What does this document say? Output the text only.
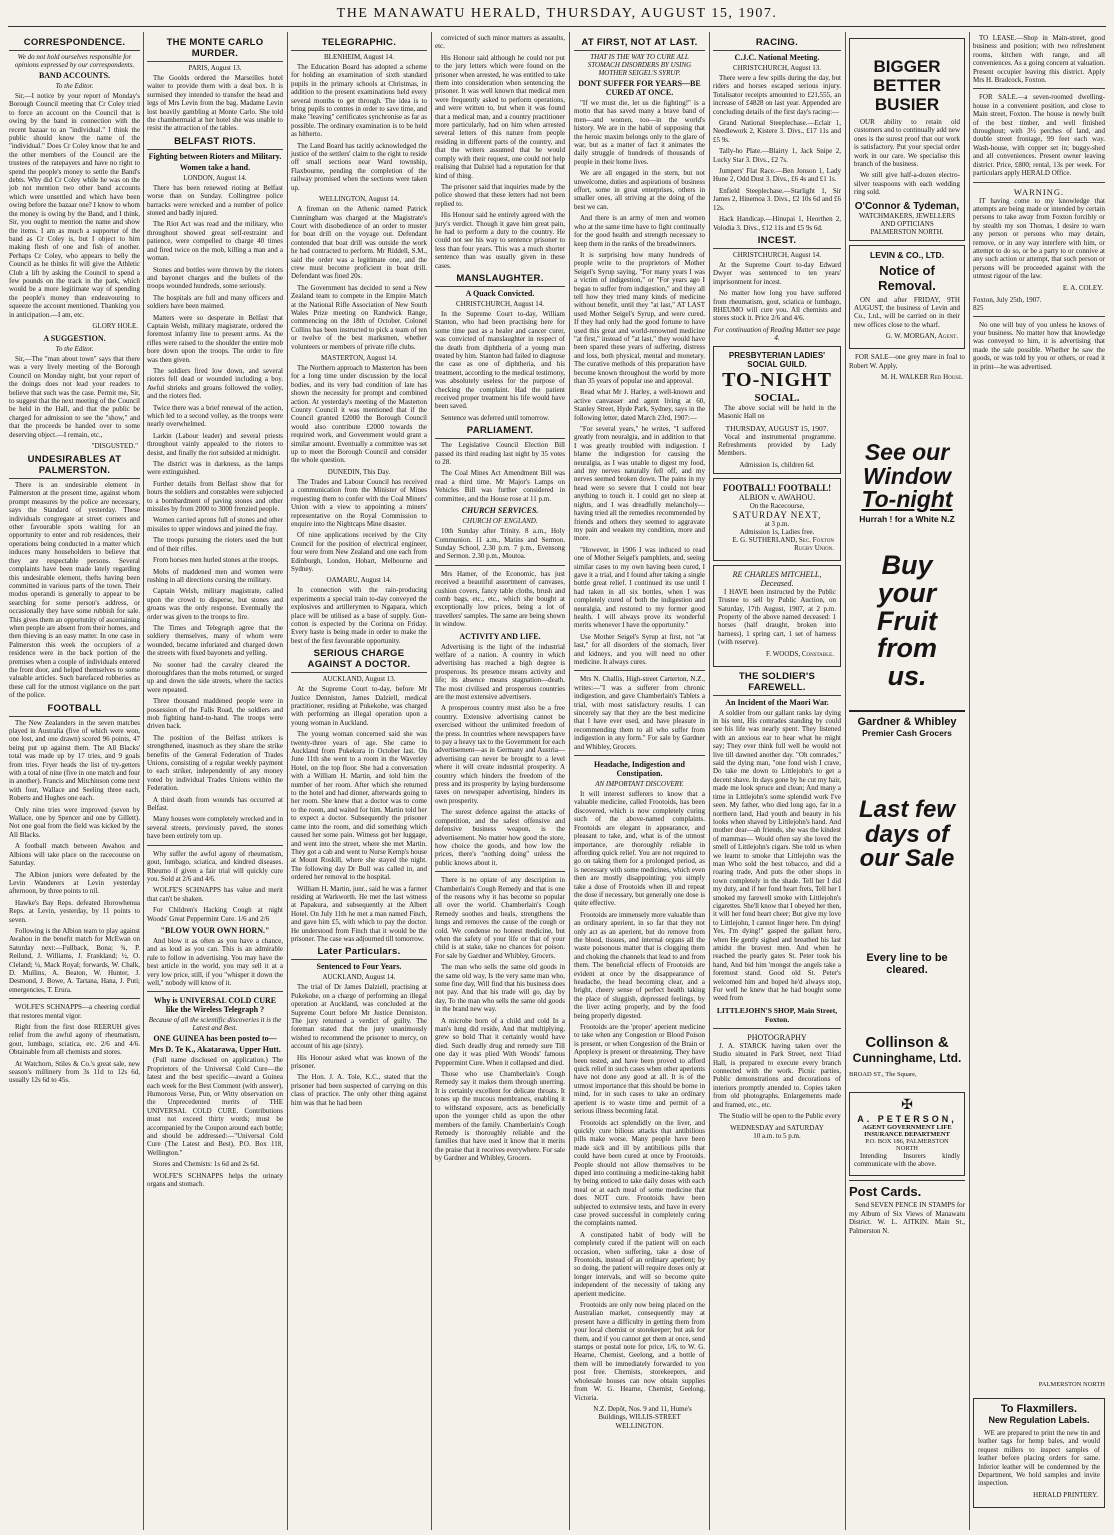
THE MANAWATU HERALD, THURSDAY, AUGUST 15, 1907.
CORRESPONDENCE.
We do not hold ourselves responsible for opinions expressed by our correspondents.
BAND ACCOUNTS.
To the Editor.

Sir,—I notice by your report of Monday's Borough Council meeting that Cr Coley tried to force an account on the Council that is owing by the band in connection with the recent bazaar to an "individual." I think the public should know the name of the "individual." Does Cr Coley know that he and the other members of the Council are the trustees of the ratepayers and have no right to spend the people's money to settle the Band's debts. Why did Cr Coley while he was on the job not mention two other band accounts which were unsettled and which have been owing before the bazaar one? I know to whom the money is owing by the Band, and I think, Sir, you ought to mention the name and show the items. I am as much a supporter of the band as Cr Coley is, but I object to him making flesh of one and fish of another. Perhaps Cr Coley, who appears to belly the Council as he thinks fit will give the Athletic Club a lift by asking the Council to spend a few pounds on the track in the park, which would be a more legitimate way of spending the people's money than endeavouring to squeeze the account mentioned. Thanking you in anticipation.—I am, etc.

GLORY HOLE.
A SUGGESTION.
To the Editor.

Sir,—The "man about town" says that there was a very lively meeting of the Borough Council on Monday night, but your report of the doings does not lead your readers to believe that such was the case. Permit me, Sir, to suggest that the next meeting of the Council be held in the Hall, and that the public be charged for admission to see the "show," and that the proceeds be handed over to some deserving object.—I remain, etc.,

"DISGUSTED."
UNDESIRABLES AT PALMERSTON.

There is an undesirable element in Palmerston at the present time, against whom prompt measures by the police are necessary, says the Standard of yesterday. These individuals congregate at street corners and other favourable spots waiting for an opportunity to enter and rob residences, their operations being conducted in a matter which induces many householders to believe that they are respectable persons. Several complaints have been made lately regarding this undesirable element, thefts having been committed in various parts of the town. Their modus operandi is generally to appear to be searching for some person's address, or occasionally they have some rubbish for sale. This gives them an opportunity of ascertaining when people are absent from their homes, and then thieving is an easy matter. In one case in Palmerston this week the occupiers of a residence were in the back portion of the premises when a couple of individuals entered the front door, and helped themselves to some valuable articles. Such barefaced robberies as these call for the utmost vigilance on the part of the police.

FOOTBALL

The New Zealanders in the seven matches played in Australia (five of which were won, one lost, and one drawn) scored 96 points, 47 being put up against them. The All Blacks' total was made up by 17 tries, and 9 goals from tries. Fryer heads the list of try-getters with a total of nine (five in one match and four in another). Francis and Mitchinson come next with four, Wallace and Seeling three each, Roberts and Hughes one each.

Only nine tries were improved (seven by Wallace, one by Spencer and one by Gillett). Not one goal from the field was kicked by the All Blacks.

A football match between Awahou and Albions will take place on the racecourse on Saturday.

The Albion juniors were defeated by the Levin Wanderers at Levin yesterday afternoon, by three points to nil.

Hawke's Bay Reps. defeated Horowhenua Reps. at Levin, yesterday, by 11 points to seven.

Following is the Albion team to play against Awahou in the benefit match for McEwan on Saturday next:—Fullback, Bona; ¾, P. Reilund, J. Williams, J. Frankland; ½, O. Cleland; ¼, Mack Royal; forwards, W. Chalk, D. Mullins, A. Beaton, W. Hunter, J. Desmond, J. Bowe, A. Tartana, Hana, J. Puti; emergencies, T. Erura.

WOLFE'S SCHNAPPS—a cheering cordial that restores mental vigor.

Right from the first dose REERUH gives relief from the awful agony of rheumatism, gout, lumbago, sciatica, etc. 2/6 and 4/6. Obtainable from all chemists and stores.

At Watchorn, Stiles & Co.'s great sale, new season's millinery from 3s 11d to 12s 6d, usually 12s 6d to 45s.

THE MONTE CARLO MURDER.
PARIS, August 13.

The Goolds ordered the Marseilles hotel waiter to provide them with a deal box. It is surmised they intended to transfer the head and legs of Mrs Levin from the bag. Madame Levin lost heavily gambling at Monte Carlo. She told the chambermaid at her hotel she was unable to resist the attraction of the tables.

BELFAST RIOTS.
Fighting between Rioters and Military.
Women take a hand.
LONDON, August 14.

There has been renewed rioting at Belfast worse than on Sunday. Collingtree police barracks were wrecked and a number of police stoned and badly injured.

The Riot Act was read and the military, who throughout showed great self-restraint and patience, were compelled to charge 40 times and fired twice on the mob, killing a man and a woman.

Stones and bottles were thrown by the rioters and bayonet charges and the bullets of the troops wounded hundreds, some seriously.

The hospitals are full and many officers and soldiers have been maimed.

Matters were so desperate in Belfast that Captain Welsh, military magistrate, ordered the foremost infantry line to present arms. As the rifles were raised to the shoulder the entire mob bore down upon the troops. The order to fire was then given.

The soldiers fired low down, and several rioters fell dead or wounded including a boy. Awful shrieks and groans followed the volley, and the rioters fled.

Twice there was a brief renewal of the action, which led to a second volley, as the troops were nearly overwhelmed.

Larkin (Labour leader) and several priests throughout vainly appealed to the rioters to desist, and finally the riot subsided at midnight.

The district was in darkness, as the lamps were extinguished.

Further details from Belfast show that for hours the soldiers and constables were subjected to a bombardment of paving stones and other missiles by from 2000 to 3000 frenzied people.

Women carried aprons full of stones and other missiles to upper windows and joined the fray.

The troops pursuing the rioters used the butt end of their rifles.

From horses men hurled stones at the troops.

Mobs of maddened men and women were rushing in all directions cursing the military.

Captain Welsh, military magistrate, called upon the crowd to disperse, but stones and groans was the only response. Eventually the order was given to the troops to fire.

The Times and Telegraph agree that the soldiery themselves, many of whom were wounded, became infuriated and charged down the streets with fixed bayonets and yelling.

No sooner had the cavalry cleared the thoroughfares than the mobs returned, or surged up and down the side streets, where the tactics were repeated.

Three thousand maddened people were in possession of the Falls Road, the soldiers and mob fighting hand-to-hand. The troops were driven back.

The position of the Belfast strikers is strengthened, inasmuch as they share the strike benefits of the General Federation of Trades Unions, consisting of a regular weekly payment to each striker, independently of any money voted by individual Trades Unions within the Federation.

A third death from wounds has occurred at Belfast.

Many houses were completely wrecked and in several streets, previously paved, the stones have been entirely torn up.

Why suffer the awful agony of rheumatism, gout, lumbago, sciatica, and kindred diseases. Rheumo if given a fair trial will quickly cure you. Sold at 2/6 and 4/6.

WOLFE'S SCHNAPPS has value and merit that can't be shaken.

For Children's Hacking Cough at night Woods' Great Peppermint Cure. 1/6 and 2/6

"BLOW YOUR OWN HORN."

And blow it as often as you have a chance, and as loud as you can. This is an admirable rule to follow in advertising. You may have the best article in the world, you may sell it at a very low price, still, if you "whisper it down the well," nobody will know of it.

Why is UNIVERSAL COLD CURE like the Wireless Telegraph ?
Because of all the scientific discoveries it is the Latest and Best.
ONE GUINEA has been posted to—
Mrs D. Te K., Akatarawa, Upper Hutt.

(Full name disclosed on application.) The Proprietors of the Universal Cold Cure—the latest and the best specific—award a Guinea each week for the Best Comment (with answer), Humorous Verse, Pun, or Witty observation on the Unprecedented merits of THE UNIVERSAL COLD CURE. Contributions must not exceed thirty words; must be accompanied by the Coupon around each bottle; and should be addressed:—"Universal Cold Cure (The Latest and Best), P.O. Box 118, Wellington."

Stores and Chemists: 1s 6d and 2s 6d.

WOLFE'S SCHNAPPS helps the urinary organs and stomach.

TELEGRAPHIC.
BLENHEIM, August 14.

The Education Board has adopted a scheme for holding an examination of sixth standard pupils in the primary schools at Christmas, in addition to the present examinations held every several months to get through. The idea is to bring pupils to centres in order to save time, and make "leaving" certificates synchronise as far as possible. The ordinary examination is to be held as hitherto.

The Land Board has tacitly acknowledged the justice of the settlers' claim to the right to reside off small sections near Ward township, Flaxbourne, pending the completion of the railway promised when the sections were taken up.

WELLINGTON, August 14.

A fireman on the Athenic named Patrick Cunningham was charged at the Magistrate's Court with disobedience of an order to muster for boat drill on the voyage out. Defendant contended that boat drill was outside the work he had contracted to perform. Mr Riddell, S.M., said the order was a legitimate one, and the crew must become proficient in boat drill. Defendant was fined 20s.

The Government has decided to send a New Zealand team to compete in the Empire Match at the National Rifle Association of New South Wales Prize meeting on Randwick Range, commencing on the 18th of October. Colonel Collins has been instructed to pick a team of ten or twelve of the best marksmen, whether volunteers or members of private rifle clubs.

MASTERTON, August 14.

The Northern approach to Masterton has been for a long time under discussion by the local bodies, and its very bad condition of late has shown the necessity for prompt and combined action. At yesterday's meeting of the Masterton County Council it was mentioned that if the Council granted £2000 the Borough Council would also contribute £2000 towards the required work, and Government would grant a similar amount. Eventually a committee was set up to meet the Borough Council and consider the whole question.

DUNEDIN, This Day.

The Trades and Labour Council has received a communication from the Minister of Mines requesting them to confer with the Coal Miners' Union with a view to appointing a miners' representative on the Royal Commission to enquire into the Nightcaps Mine disaster.

Of nine applications received by the City Council for the position of electrical engineer, four were from New Zealand and one each from Edinburgh, London, Hobart, Melbourne and Sydney.

OAMARU, August 14.

In connection with the rain-producing experiments a special train to-day conveyed the explosives and artillerymen to Ngapara, which place will be utilised as a base of supply. Gun-cotton is expected by the Corinna on Friday. Every haste is being made in order to make the best of the first favourable opportunity.

SERIOUS CHARGE AGAINST A DOCTOR.
AUCKLAND, August 13.

At the Supreme Court to-day, before Mr Justice Denniston, James Dalziell, medical practitioner, residing at Pukekohe, was charged with performing an illegal operation upon a young woman in Auckland.

The young woman concerned said she was twenty-three years of age. She came to Auckland from Pukekura in October last. On June 11th she went to a room in the Waverley Hotel, on the top floor. She had a conversation with a William H. Martin, and told him the number of her room. After which she returned to the hotel and had dinner, afterwards going to her room. She knew that a doctor was to come to the room, and waited for him. Martin told her to expect a doctor. Subsequently the prisoner came into the room, and did something which caused her some pain. Witness got her luggage, and went into the street, where she met Martin. They got a cab and went to Nurse Kemp's house at Mount Roskill, where she stayed the night. The following day Dr Bull was called in, and ordered her removal to the hospital.

William H. Martin, junr., said he was a farmer residing at Warkworth. He met the last witness at Papakura, and subsequently at the Albert Hotel. On July 11th he met a man named Finch, and gave him £5, with which to pay the doctor. He understood from Finch that it would be the prisoner. The case was adjourned till tomorrow.

Later Particulars.
Sentenced to Four Years.
AUCKLAND, August 14.

The trial of Dr James Dalziell, practising at Pukekohe, on a charge of performing an illegal operation at Auckland, was concluded at the Supreme Court before Mr Justice Denniston. The jury returned a verdict of guilty. The foreman stated that the jury unanimously wished to recommend the prisoner to mercy, on account of his age (sixty).

His Honour asked what was known of the prisoner.

The Hon. J. A. Tole, K.C., stated that the prisoner had been suspected of carrying on this class of practice. The only other thing against him was that he had been

convicted of such minor matters as assaults, etc.

His Honour said although he could not put to the jury letters which were found on the prisoner when arrested, he was entitled to take them into consideration when sentencing the prisoner. It was well known that medical men were frequently asked to perform operations, and were written to, but when it was found that a medical man, and a country practitioner more particularly, had on him when arrested several letters of this nature from people residing in different parts of the country, and that the writers assumed that he would comply with their request, one could not help realising that Dalziel had a reputation for that kind of thing.

The prisoner said that inquiries made by the police showed that these letters had not been replied to.

His Honour said he entirely agreed with the jury's verdict. Though it gave him great pain, he had to perform a duty to the country. He could not see his way to sentence prisoner to less than four years. This was a much shorter sentence than was usually given in these cases.

MANSLAUGHTER.
A Quack Convicted.
CHRISTCHURCH, August 14.

In the Supreme Court to-day, William Stanton, who had been practising here for some time past as a healer and cancer curer, was convicted of manslaughter in respect of the death from diphtheria of a young man treated by him. Stanton had failed to diagnose the case as one of diphtheria, and his treatment, according to the medical testimony, was absolutely useless for the purpose of checking the complaint. Had the patient received proper treatment his life would have been saved.

Sentence was deferred until tomorrow.

PARLIAMENT.

The Legislative Council Election Bill passed its third reading last night by 35 votes to 28.

The Coal Mines Act Amendment Bill was read a third time. Mr Major's Lamps on Vehicles Bill was further considered in committee, and the House rose at 11 p.m.

CHURCH SERVICES.
CHURCH OF ENGLAND.

10th Sunday after Trinity. 8 a.m., Holy Communion. 11 a.m., Matins and Sermon. Sunday School, 2.30 p.m. 7 p.m., Evensong and Sermon. 2.30 p.m., Moutoa.

Mrs Hamer, of the Economic, has just received a beautiful assortment of canvases, cushion covers, fancy table cloths, brush and comb bags, etc., etc., which she bought at exceptionally low prices, being a lot of travellers' samples. The same are being shown in window.

ACTIVITY AND LIFE.

Advertising is the light of the industrial welfare of a nation. A country in which advertising has reached a high degree is prosperous. Its presence means activity and life; its absence means stagnation—death. The most civilised and prosperous countries are the most extensive advertisers.

A prosperous country must also be a free country. Extensive advertising cannot be exercised without the unlimited freedom of the press. In countries where newspapers have to pay a heavy tax to the Government for each advertisement—as in Germany and Austria—advertising can never be brought to a level where it will create industrial prosperity. A country which hinders the freedom of the press and its prosperity by laying burdensome taxes on newspaper advertising, hinders its own prosperity.

The surest defence against the attacks of competition, and the safest offensive and defensive business weapon, is the advertisement. No matter how good the store, how choice the goods, and how low the prices, there's "nothing doing" unless the public knows about it.

There is no opiate of any description in Chamberlain's Cough Remedy and that is one of the reasons why it has become so popular all over the world. Chamberlain's Cough Remedy soothes and heals, strengthens the lungs and removes the cause of the cough or cold. We condense no honest medicine, but when the safety of your life or that of your child is at stake, take no chances for poison. For sale by Gardner and Whibley, Grocers.

The man who sells the same old goods in the same old way, Is the very same man who, some fine day, Will find that his business does not pay. And that his trade will go, day by day, To the man who sells the same old goods in the brand new way.

A microbe born of a child and cold In a man's lung did reside, And that multiplying, grew so bold That it certainly would have died. Such deadly drug and remedy sure Till one day it was plied With Woods' famous Peppermint Cure. When it collapsed and died.

Those who use Chamberlain's Cough Remedy say it makes them through unerring. It is certainly excellent for delicate throats. It tones up the mucous membranes, enabling it to withstand exposure, acts as beneficially upon the younger child as upon the other members of the family. Chamberlain's Cough Remedy is thoroughly reliable and the families that have used it know that it merits the praise that it receives everywhere. For sale by Gardner and Whibley, Grocers.

AT FIRST, NOT AT LAST.
THAT IS THE WAY TO CURE ALL STOMACH DISORDERS BY USING MOTHER SEIGEL'S SYRUP.
DONT SUFFER FOR YEARS—BE CURED AT ONCE.

"If we must die, let us die fighting!" is a motto that has saved many a brave band of men—and women, too—in the world's history. We are in the habit of supposing that the heroic maxim belongs only to the glare of war, but as a matter of fact it animates the daily struggle of hundreds of thousands of people in their home lives.

We are all engaged in the stern, but not unwelcome, duties and aspirations of business effort, some in great enterprises, others in smaller ones, all striving at the doing of the best we can.

And there is an army of men and women who at the same time have to fight continually for the good health and strength necessary to keep them in the ranks of the breadwinners.

It is surprising how many hundreds of people write to the proprietors of Mother Seigel's Syrup saying, "For many years I was a victim of indigestion," or "For years ago I began to suffer from indigestion," and they all tell how they tried many kinds of medicine without benefit, until they "at last," AT LAST used Mother Seigel's Syrup, and were cured. If they had only had the good fortune to have used this great and world-renowned medicine "at first," instead of "at last," they would have been spared these years of suffering, distress and loss, both physical, mental and monetary. The curative methods of this preparation have become known throughout the world by more than 35 years of popular use and approval.

Read what Mr J. Harley, a well-known and active canvasser and agent living at 60, Stanley Street, Hyde Park, Sydney, says in the following letter, dated March 23rd, 1907:—

"For several years," he writes, "I suffered greatly from neuralgia, and in addition to that I was greatly troubled with indigestion. I blame the indigestion for causing the neuralgia, as I was unable to digest my food, and my nerves naturally fell off, and my nerves seemed broken down. The pains in my head were so severe that I could not bear anything to touch it. I could get no sleep at nights, and I was dreadfully melancholy—having tried all the remedies recommended by friends and others they seemed to aggravate my pain and weaken my condition, more and more.

"However, in 1906 I was induced to read one of Mother Seigel's pamphlets, and, seeing similar cases to my own having been cured, I gave it a trial, and I found after taking a single bottle great relief. I continued its use until I had taken in all six bottles, when I was completely cured of both the indigestion and neuralgia, and restored to my former good health. I will always prove its wonderful merits whenever I have the opportunity."

Use Mother Seigel's Syrup at first, not "at last," for all disorders of the stomach, liver and kidneys, and you will need no other medicine. It always cures.

Mrs N. Challis, High-street Carterton, N.Z., writes:—"I was a sufferer from chronic indigestion, and gave Chamberlain's Tablets a trial, with most satisfactory results. I can sincerely say that they are the best medicine that I have ever used, and have pleasure in recommending them to all who suffer from indigestion in any form." For sale by Gardner and Whibley, Grocers.

Headache, Indigestion and Constipation.
AN IMPORTANT DISCOVERY.

It will interest sufferers to know that a valuable medicine, called Frootoids, has been discovered, which is now completely curing such of the above-named complaints. Frootoids are elegant in appearance, and pleasant to take, and, what is of the utmost importance, are thoroughly reliable in affording quick relief. You are not required to go on taking them for a prolonged period, as is necessary with some medicines, which even then are mostly disappointing; you simply take a dose of Frootoids when ill and repeat the dose if necessary, but generally one dose is quite effective.

Frootoids are immensely more valuable than an ordinary aperient, in so far that they not only act as an aperient, but do remove from the blood, tissues, and internal organs all the waste poisonous matter that is clogging them and choking the channels that lead to and from them. The beneficial effects of Frootoids are evident at once by the disappearance of headache, the head becoming clear, and a bright, cheery sense of perfect health taking the place of sluggish, depressed feelings, by the liver acting properly, and by the food being properly digested.

Frootoids are the 'proper' aperient medicine to take when any Congestion or Blood Poison is present, or when Congestion of the Brain or Apoplexy is present or threatening. They have been tested, and have been proved to afford quick relief in such cases when other aperients have not done any good at all. It is of the utmost importance that this should be borne in mind, for in such cases to take an ordinary aperient is to waste time and permit of a serious illness becoming fatal.

Frootoids act splendidly on the liver, and quickly cure bilious attacks that antibilious pills make worse. Many people have been made sick and ill by antibilious pills that could have been cured at once by Frootoids. People should not allow themselves to be duped into continuing a medicine-taking habit by being enticed to take daily doses with each meal or at each meal of some medicine that does NOT cure. Frootoids have been subjected to extensive tests, and have in every case proved successful in completely curing the complaints named.

A constipated habit of body will be completely cured if the patient will on each occasion, when suffering, take a dose of Frootoids, instead of an ordinary aperient; by so doing, the patient will require doses only at longer intervals, and will so become quite independent of the necessity of taking any aperient medicine.

Frootoids are only now being placed on the Australian market, consequently may at present have a difficulty in getting them from your local chemist or storekeeper; but ask for them, and if you cannot get them at once, send stamps or postal note for price, 1/6, to W. G. Hearne, Chemist, Geelong, and a bottle of them will be immediately forwarded to you post free. Chemists, storekeepers, and wholesale houses can now obtain supplies from W. G. Hearne, Chemist, Geelong, Victoria.

N.Z. Depôt, Nos. 9 and 11, Hume's Buildings, WILLIS-STREET WELLINGTON.

RACING.
C.J.C. National Meeting.
CHRISTCHURCH, August 13.

There were a few spills during the day, but riders and horses escaped serious injury. Totalisator receipts amounted to £21,555, an increase of £4828 on last year. Appended are concluding details of the first day's racing:—

Grand National Steeplechase.—Eclair 1, Needlework 2, Kistere 3. Divs., £17 11s and £5 9s.

Tally-ho Plate.—Blairty 1, Jack Snipe 2, Lucky Star 3. Divs., £2 7s.

Jumpers' Flat Race.—Ben Jonson 1, Lady Hune 2, Odd Dust 3. Divs., £6 4s and £1 1s.

Enfield Steeplechase.—Starlight 1, Sir James 2, Hinemoa 3. Divs., £2 10s 6d and £6 12s.

Hack Handicap.—Hinupai 1, Heorthen 2, Volodia 3. Divs., £12 11s and £5 9s 6d.

INCEST.
CHRISTCHURCH, August 14.

At the Supreme Court to-day Edward Dwyer was sentenced to ten years' imprisonment for incest.

No matter how long you have suffered from rheumatism, gout, sciatica or lumbago, RHEUMO will cure you. All chemists and stores stock it. Price 2/6 and 4/6.

For continuation of Reading Matter see page 4.
PRESBYTERIAN LADIES' SOCIAL GUILD.
TO-NIGHT
SOCIAL.

The above social will be held in the Masonic Hall on

THURSDAY, AUGUST 15, 1907.

Vocal and instrumental programme. Refreshments provided by Lady Members.

Admission 1s, children 6d.
FOOTBALL! FOOTBALL!
ALBION v. AWAHOU.
On the Racecourse,
SATURDAY NEXT,
at 3 p.m.
Admission 1s, Ladies free.
E. G. SUTHERLAND, Sec. Foxton Rugby Union.
RE CHARLES MITCHELL, Deceased.

I HAVE been instructed by the Public Trustee to sell by Public Auction, on Saturday, 17th August, 1907, at 2 p.m. Property of the above named deceased: 1 horses (half draught, broken into harness), 1 spring cart, 1 set of harness (with reserve).

F. WOODS, Constable.
THE SOLDIER'S FAREWELL.
An Incident of the Maori War.

A soldier from our gallant ranks lay dying in his tent, His comrades standing by could see his life was nearly spent. They listened with an anxious ear to hear what he might say; They ever think full well he would not live till dawned another day. "Oh comrades," said the dying man, "one fond wish I crave, Do take me down to Littlejohn's to get a decent shave. In days gone by he cut my hair, made me look spruce and clean; And many a time in Littlejohn's some splendid work I've seen. My father, who died long ago, far in a northern land, Had youth and beauty in his looks when shaved by Littlejohn's hand. And mother dear—ah friends, she was the kindest of mammas— Would often say she loved the smell of Littlejohn's cigars. She told us when we learnt to smoke that Littlejohn was the man Who sold the best tobacco, and did a roaring trade, And puts the other shops in town completely in the shade. Tell her I did my duty, and if her fond heart frets, Tell her I smoked my farewell smoke with Littlejohn's cigarettes. She'll know that I obeyed her then, it will her fond heart cheer; But give my love to Littlejohn, I cannot linger here. I'm dying! Yes, I'm dying!" gasped the gallant hero, when He gently sighed and breathed his last amidst the bravest men. And when he reached the pearly gates St. Peter took his hand, And bid him 'mongst the angels take a foremost stand. Good old St. Peter's welcomed him and hoped he'd always stop, For well he knew that he had bought some weed from

LITTLEJOHN'S SHOP, Main Street, Foxton.
PHOTOGRAPHY

J. A. STARCK having taken over the Studio situated in Park Street, next Triad Hall, is prepared to execute every branch connected with the work. Picnic parties, Public demonstrations and decorations of interiors promptly attended to. Copies taken from old photographs. Enlargements made and framed, etc., etc.

The Studio will be open to the Public every

WEDNESDAY and SATURDAY
10 a.m. to 5 p.m.
BIGGER
BETTER
BUSIER

OUR ability to retain old customers and to continually add new ones is the surest proof that our work is satisfactory. Put your special order work in our care. We specialise this branch of the business.

We still give half-a-dozen electro-silver teaspoons with each wedding ring sold.

O'Connor & Tydeman,
WATCHMAKERS, JEWELLERS AND OPTICIANS
PALMERSTON NORTH.
LEVIN & CO., LTD.
Notice of Removal.

ON and after FRIDAY, 9TH AUGUST, the business of Levin and Co., Ltd., will be carried on in their new offices close to the wharf.

G. W. MORGAN, Agent.

FOR SALE—one grey mare in foal to Robert W. Apply,

M. H. WALKER Red House.
See our
Window
To-night
Hurrah ! for a White N.Z
Buy
your
Fruit
from
us.
Gardner & Whibley
Premier Cash Grocers
Last few
days of
our Sale
Every line to be cleared.
Collinson &
Cunninghame, Ltd.
BROAD ST., The Square,
✠
A. PETERSON,
AGENT GOVERNMENT LIFE INSURANCE DEPARTMENT
P.O. BOX 186, PALMERSTON NORTH

Intending Insurers kindly communicate with the above.

Post Cards.

Send SEVEN PENCE IN STAMPS for my Album of Six Views of Manawatu District. W. L. AITKIN. Main St., Palmerston N.

TO LEASE.—Shop in Main-street, good business and position; with two refreshment rooms, kitchen with range, and all conveniences. As a going concern at valuation. Present occupier leaving this district. Apply Mrs H. Bradcock, Foxton.

FOR SALE.—a seven-roomed dwelling-house in a convenient position, and close to Main street, Foxton. The house is newly built of the best timber, and well finished throughout; with 3½ perches of land, and double street frontage, 99 feet each way. Wash-house, with copper set in; buggy-shed and all conveniences. Present owner leaving district. Price, £800; rental, 13s per week. For particulars apply HERALD Office.

WARNING.

IT having come to my knowledge that attempts are being made or intended by certain persons to take away from Foxton forcibly or by stealth my son Thomas, I desire to warn any person or persons who may detain, remove, or in any way interfere with him, or attempt to do so, or be a party to or connive at any such action or attempt, that such person or persons will be proceeded against with the utmost rigour of the law.

E. A. COLEY.
Foxton, July 25th, 1907.
825

No one will buy of you unless he knows of your business. No matter how that knowledge was conveyed to him, it is advertising that made the sale possible. Whether he saw the goods, or was told by you or others, or read it in print—he was advertised.

PALMERSTON NORTH
To Flaxmillers.
New Regulation Labels.

WE are prepared to print the new tin and leather tags for hemp bales, and would request millers to inspect samples of leather before placing orders for same. Inferior leather will be condemned by the Department, We hold samples and invite inspection.

HERALD PRINTERY.
